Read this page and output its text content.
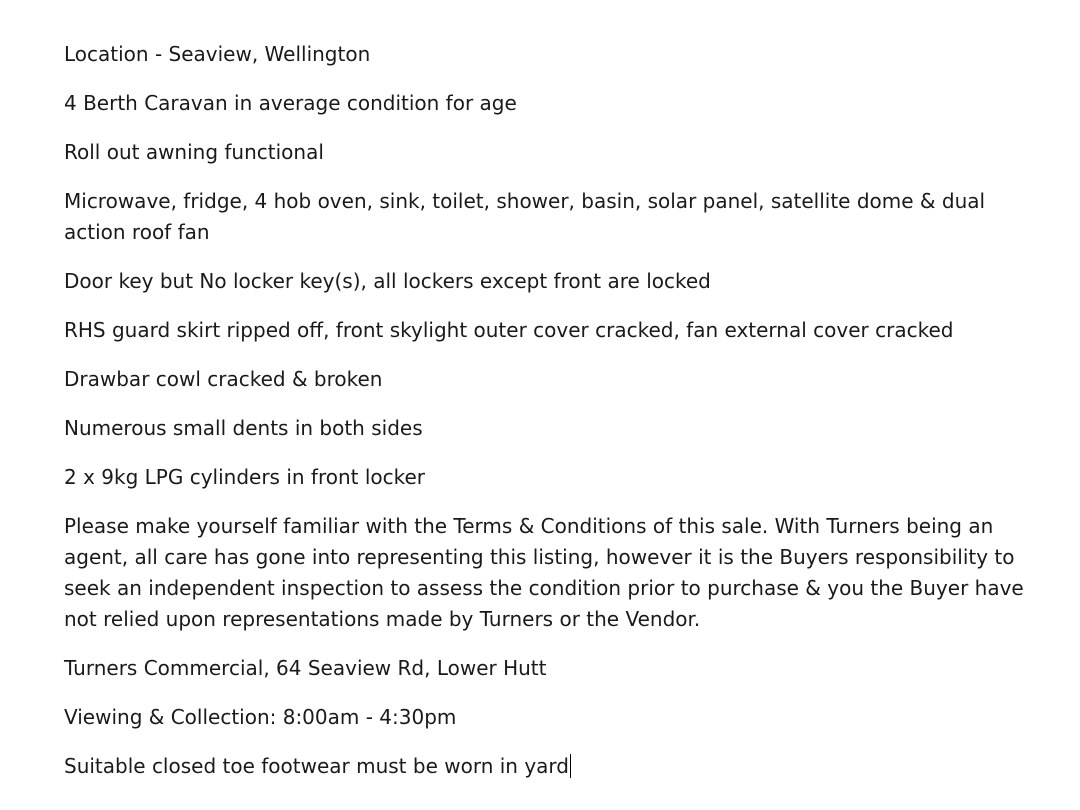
Location - Seaview, Wellington

4 Berth Caravan in average condition for age

Roll out awning functional

Microwave, fridge, 4 hob oven, sink, toilet, shower, basin, solar panel, satellite dome & dual action roof fan

Door key but No locker key(s), all lockers except front are locked

RHS guard skirt ripped off, front skylight outer cover cracked, fan external cover cracked

Drawbar cowl cracked & broken

Numerous small dents in both sides

2 x 9kg LPG cylinders in front locker

Please make yourself familiar with the Terms & Conditions of this sale. With Turners being an agent, all care has gone into representing this listing, however it is the Buyers responsibility to seek an independent inspection to assess the condition prior to purchase & you the Buyer have not relied upon representations made by Turners or the Vendor.

Turners Commercial, 64 Seaview Rd, Lower Hutt

Viewing & Collection: 8:00am - 4:30pm

Suitable closed toe footwear must be worn in yard
